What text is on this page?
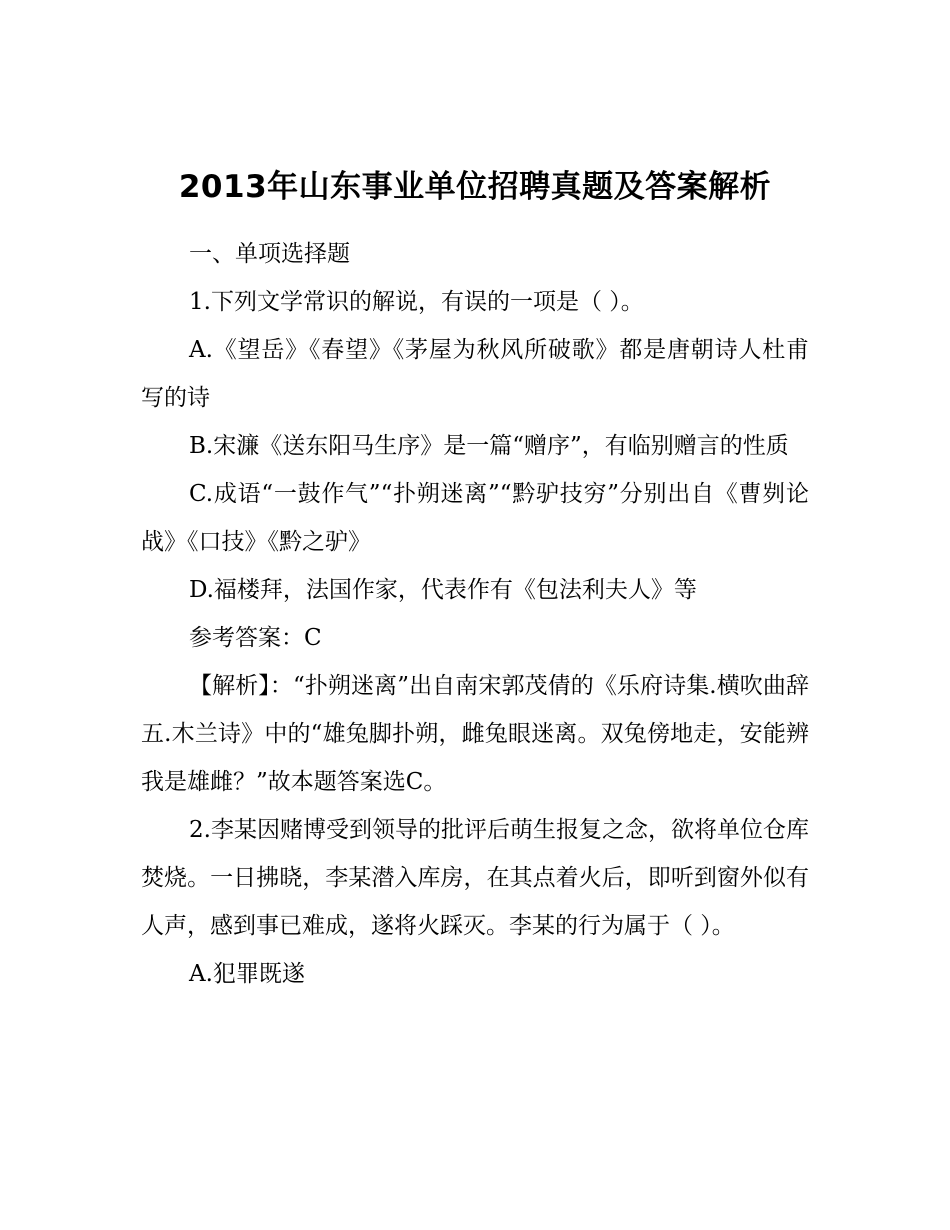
2013年山东事业单位招聘真题及答案解析

一、单项选择题

1.下列文学常识的解说，有误的一项是（ ）。

A.《望岳》《春望》《茅屋为秋风所破歌》都是唐朝诗人杜甫写的诗

B.宋濂《送东阳马生序》是一篇“赠序”，有临别赠言的性质

C.成语“一鼓作气”“扑朔迷离”“黔驴技穷”分别出自《曹刿论战》《口技》《黔之驴》

D.福楼拜，法国作家，代表作有《包法利夫人》等

参考答案：C

【解析】：“扑朔迷离”出自南宋郭茂倩的《乐府诗集.横吹曲辞五.木兰诗》中的“雄兔脚扑朔，雌兔眼迷离。双兔傍地走，安能辨我是雄雌？”故本题答案选C。

2.李某因赌博受到领导的批评后萌生报复之念，欲将单位仓库焚烧。一日拂晓，李某潜入库房，在其点着火后，即听到窗外似有人声，感到事已难成，遂将火踩灭。李某的行为属于（ ）。

A.犯罪既遂
